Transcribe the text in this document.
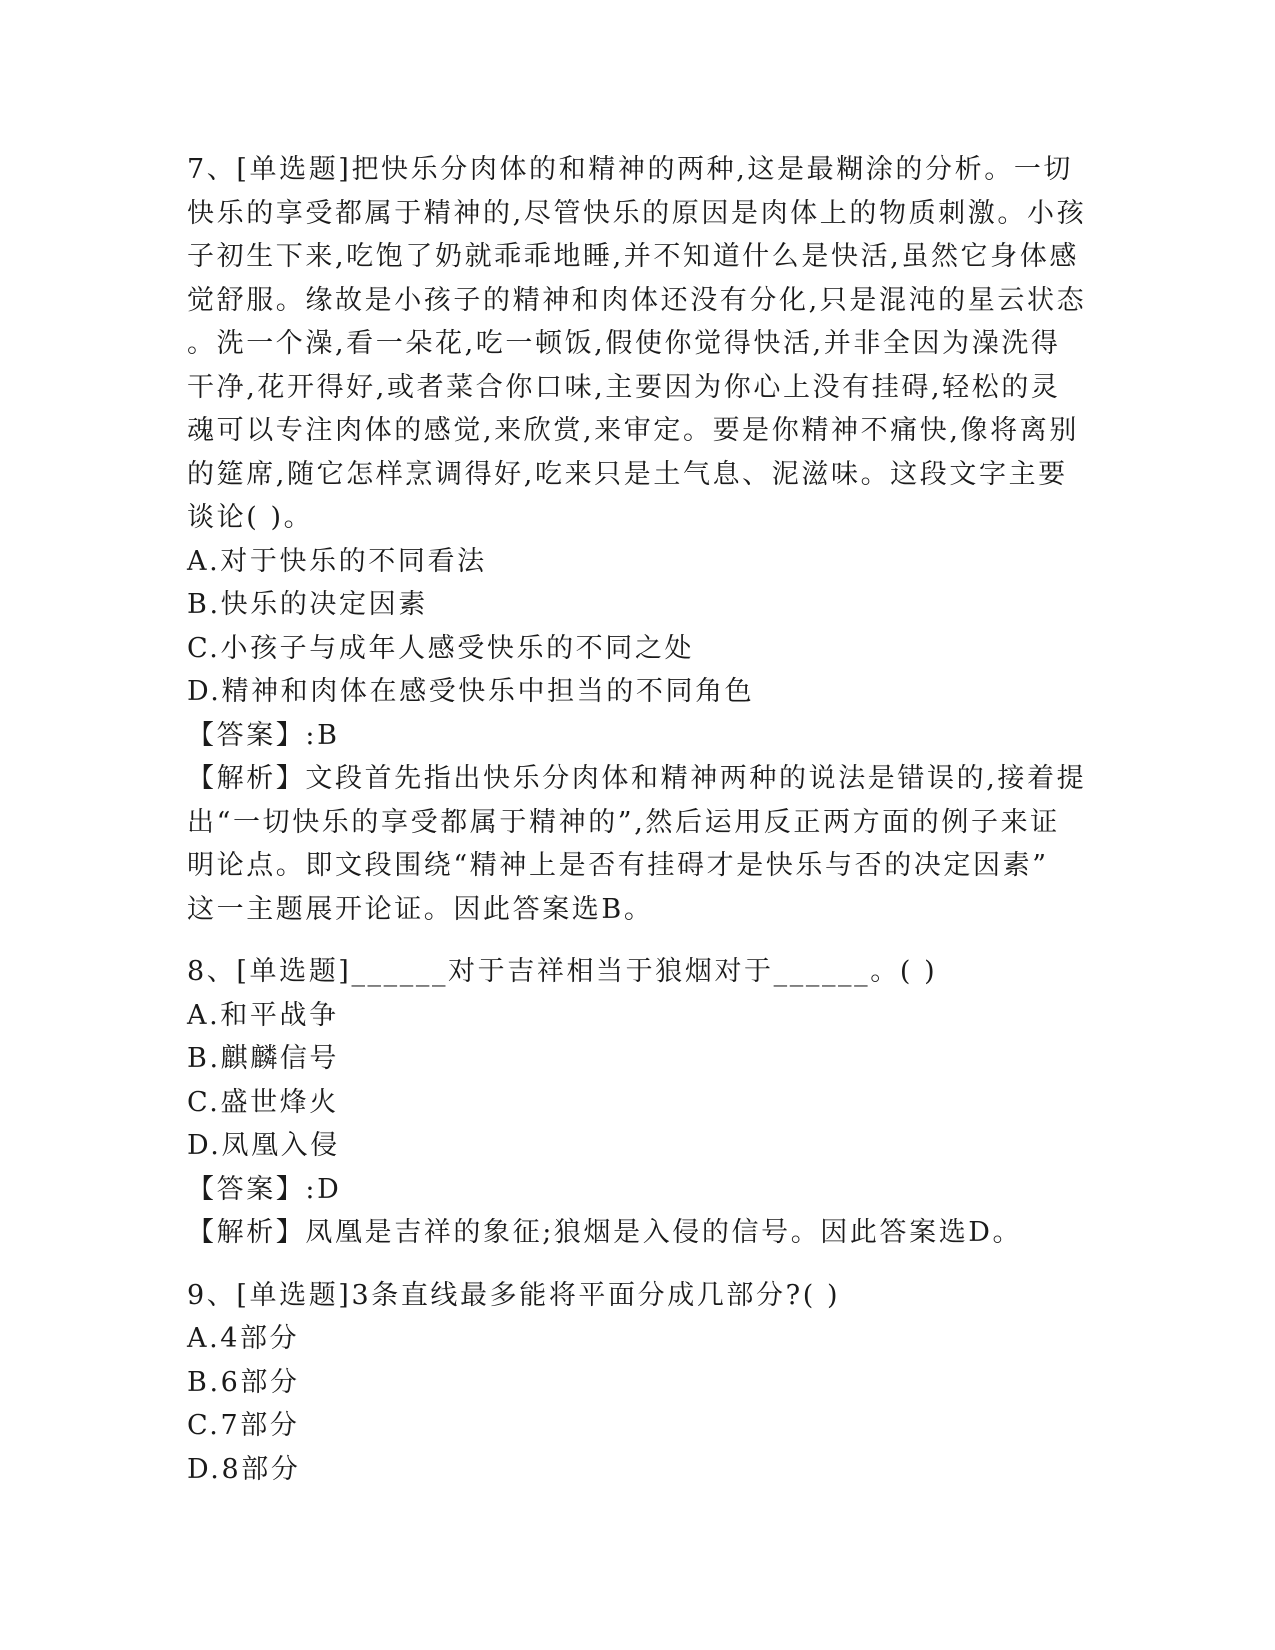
7、[单选题]把快乐分肉体的和精神的两种,这是最糊涂的分析。一切
快乐的享受都属于精神的,尽管快乐的原因是肉体上的物质刺激。小孩
子初生下来,吃饱了奶就乖乖地睡,并不知道什么是快活,虽然它身体感
觉舒服。缘故是小孩子的精神和肉体还没有分化,只是混沌的星云状态
。洗一个澡,看一朵花,吃一顿饭,假使你觉得快活,并非全因为澡洗得
干净,花开得好,或者菜合你口味,主要因为你心上没有挂碍,轻松的灵
魂可以专注肉体的感觉,来欣赏,来审定。要是你精神不痛快,像将离别
的筵席,随它怎样烹调得好,吃来只是土气息、泥滋味。这段文字主要
谈论( )。
A.对于快乐的不同看法
B.快乐的决定因素
C.小孩子与成年人感受快乐的不同之处
D.精神和肉体在感受快乐中担当的不同角色
【答案】:B
【解析】文段首先指出快乐分肉体和精神两种的说法是错误的,接着提
出“一切快乐的享受都属于精神的”,然后运用反正两方面的例子来证
明论点。即文段围绕“精神上是否有挂碍才是快乐与否的决定因素”
这一主题展开论证。因此答案选B。
8、[单选题]______对于吉祥相当于狼烟对于______。( )
A.和平战争
B.麒麟信号
C.盛世烽火
D.凤凰入侵
【答案】:D
【解析】凤凰是吉祥的象征;狼烟是入侵的信号。因此答案选D。
9、[单选题]3条直线最多能将平面分成几部分?( )
A.4部分
B.6部分
C.7部分
D.8部分
